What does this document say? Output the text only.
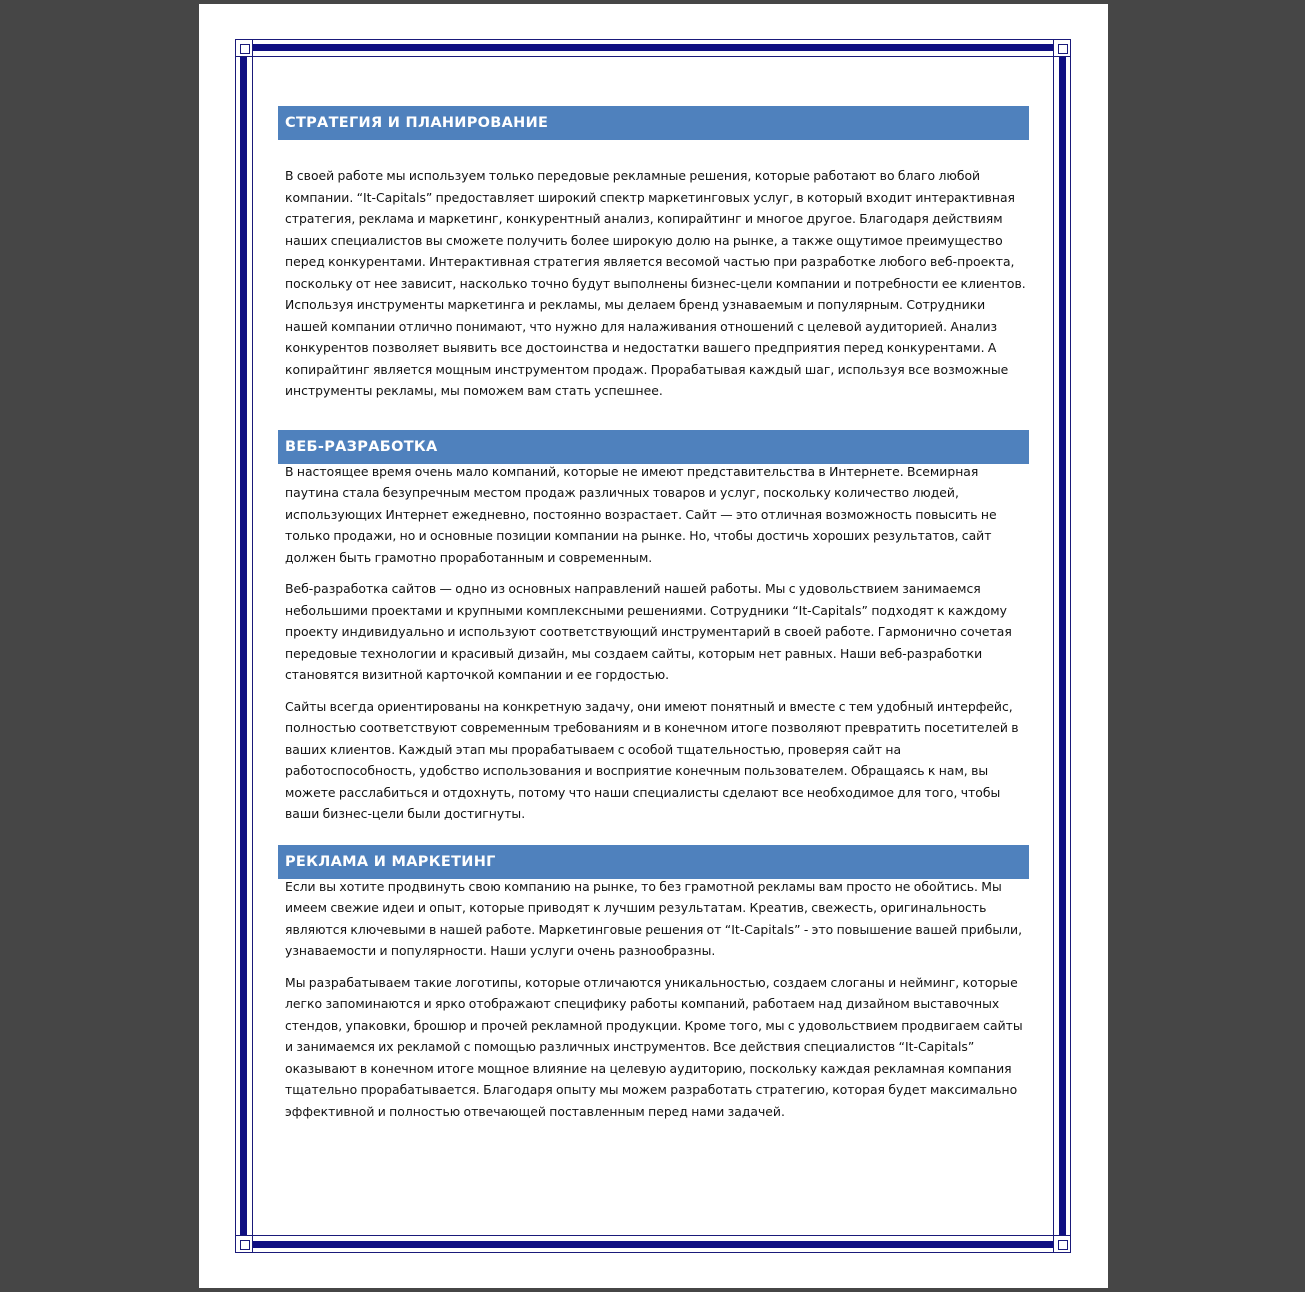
СТРАТЕГИЯ И ПЛАНИРОВАНИЕ

В своей работе мы используем только передовые рекламные решения, которые работают во благо любой компании. “It-Capitals” предоставляет широкий спектр маркетинговых услуг, в который входит интерактивная стратегия, реклама и маркетинг, конкурентный анализ, копирайтинг и многое другое. Благодаря действиям наших специалистов вы сможете получить более широкую долю на рынке, а также ощутимое преимущество перед конкурентами. Интерактивная стратегия является весомой частью при разработке любого веб-проекта, поскольку от нее зависит, насколько точно будут выполнены бизнес-цели компании и потребности ее клиентов. Используя инструменты маркетинга и рекламы, мы делаем бренд узнаваемым и популярным. Сотрудники нашей компании отлично понимают, что нужно для налаживания отношений с целевой аудиторией. Анализ конкурентов позволяет выявить все достоинства и недостатки вашего предприятия перед конкурентами. А копирайтинг является мощным инструментом продаж. Прорабатывая каждый шаг, используя все возможные инструменты рекламы, мы поможем вам стать успешнее.

ВЕБ-РАЗРАБОТКА

В настоящее время очень мало компаний, которые не имеют представительства в Интернете. Всемирная паутина стала безупречным местом продаж различных товаров и услуг, поскольку количество людей, использующих Интернет ежедневно, постоянно возрастает. Сайт — это отличная возможность повысить не только продажи, но и основные позиции компании на рынке. Но, чтобы достичь хороших результатов, сайт должен быть грамотно проработанным и современным.

Веб-разработка сайтов — одно из основных направлений нашей работы. Мы с удовольствием занимаемся небольшими проектами и крупными комплексными решениями. Сотрудники “It-Capitals” подходят к каждому проекту индивидуально и используют соответствующий инструментарий в своей работе. Гармонично сочетая передовые технологии и красивый дизайн, мы создаем сайты, которым нет равных. Наши веб-разработки становятся визитной карточкой компании и ее гордостью.

Сайты всегда ориентированы на конкретную задачу, они имеют понятный и вместе с тем удобный интерфейс, полностью соответствуют современным требованиям и в конечном итоге позволяют превратить посетителей в ваших клиентов. Каждый этап мы прорабатываем с особой тщательностью, проверяя сайт на работоспособность, удобство использования и восприятие конечным пользователем. Обращаясь к нам, вы можете расслабиться и отдохнуть, потому что наши специалисты сделают все необходимое для того, чтобы ваши бизнес-цели были достигнуты.

РЕКЛАМА И МАРКЕТИНГ

Если вы хотите продвинуть свою компанию на рынке, то без грамотной рекламы вам просто не обойтись. Мы имеем свежие идеи и опыт, которые приводят к лучшим результатам. Креатив, свежесть, оригинальность являются ключевыми в нашей работе. Маркетинговые решения от “It-Capitals” - это повышение вашей прибыли, узнаваемости и популярности. Наши услуги очень разнообразны.

Мы разрабатываем такие логотипы, которые отличаются уникальностью, создаем слоганы и нейминг, которые легко запоминаются и ярко отображают специфику работы компаний, работаем над дизайном выставочных стендов, упаковки, брошюр и прочей рекламной продукции. Кроме того, мы с удовольствием продвигаем сайты и занимаемся их рекламой с помощью различных инструментов. Все действия специалистов “It-Capitals” оказывают в конечном итоге мощное влияние на целевую аудиторию, поскольку каждая рекламная компания тщательно прорабатывается. Благодаря опыту мы можем разработать стратегию, которая будет максимально эффективной и полностью отвечающей поставленным перед нами задачей.
